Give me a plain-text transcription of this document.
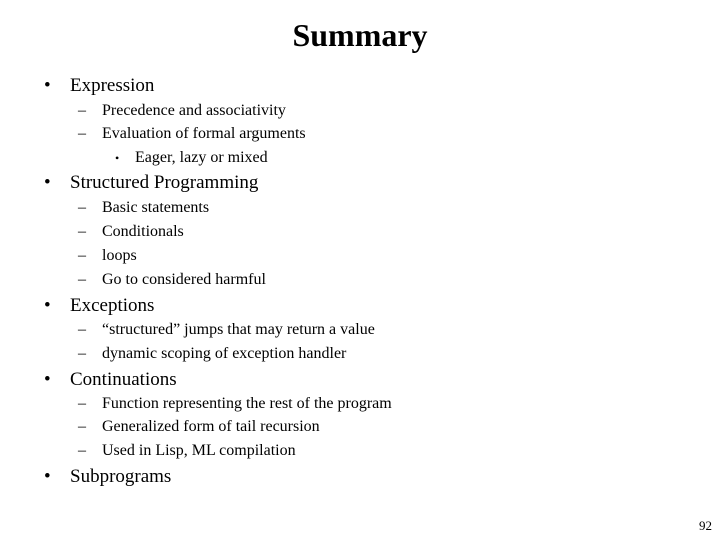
Summary
• Expression
– Precedence and associativity
– Evaluation of formal arguments
• Eager, lazy or mixed
• Structured Programming
– Basic statements
– Conditionals
– loops
– Go to considered harmful
• Exceptions
– “structured” jumps that may return a value
– dynamic scoping of exception handler
• Continuations
– Function representing the rest of the program
– Generalized form of tail recursion
– Used in Lisp, ML compilation
• Subprograms
92
